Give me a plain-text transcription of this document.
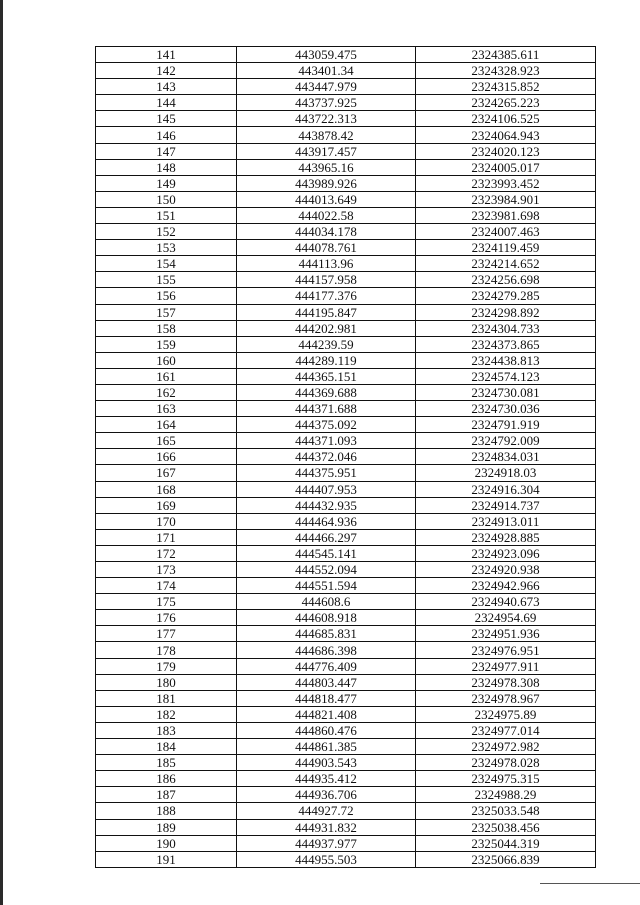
141	443059.475	2324385.611
142	443401.34	2324328.923
143	443447.979	2324315.852
144	443737.925	2324265.223
145	443722.313	2324106.525
146	443878.42	2324064.943
147	443917.457	2324020.123
148	443965.16	2324005.017
149	443989.926	2323993.452
150	444013.649	2323984.901
151	444022.58	2323981.698
152	444034.178	2324007.463
153	444078.761	2324119.459
154	444113.96	2324214.652
155	444157.958	2324256.698
156	444177.376	2324279.285
157	444195.847	2324298.892
158	444202.981	2324304.733
159	444239.59	2324373.865
160	444289.119	2324438.813
161	444365.151	2324574.123
162	444369.688	2324730.081
163	444371.688	2324730.036
164	444375.092	2324791.919
165	444371.093	2324792.009
166	444372.046	2324834.031
167	444375.951	2324918.03
168	444407.953	2324916.304
169	444432.935	2324914.737
170	444464.936	2324913.011
171	444466.297	2324928.885
172	444545.141	2324923.096
173	444552.094	2324920.938
174	444551.594	2324942.966
175	444608.6	2324940.673
176	444608.918	2324954.69
177	444685.831	2324951.936
178	444686.398	2324976.951
179	444776.409	2324977.911
180	444803.447	2324978.308
181	444818.477	2324978.967
182	444821.408	2324975.89
183	444860.476	2324977.014
184	444861.385	2324972.982
185	444903.543	2324978.028
186	444935.412	2324975.315
187	444936.706	2324988.29
188	444927.72	2325033.548
189	444931.832	2325038.456
190	444937.977	2325044.319
191	444955.503	2325066.839
